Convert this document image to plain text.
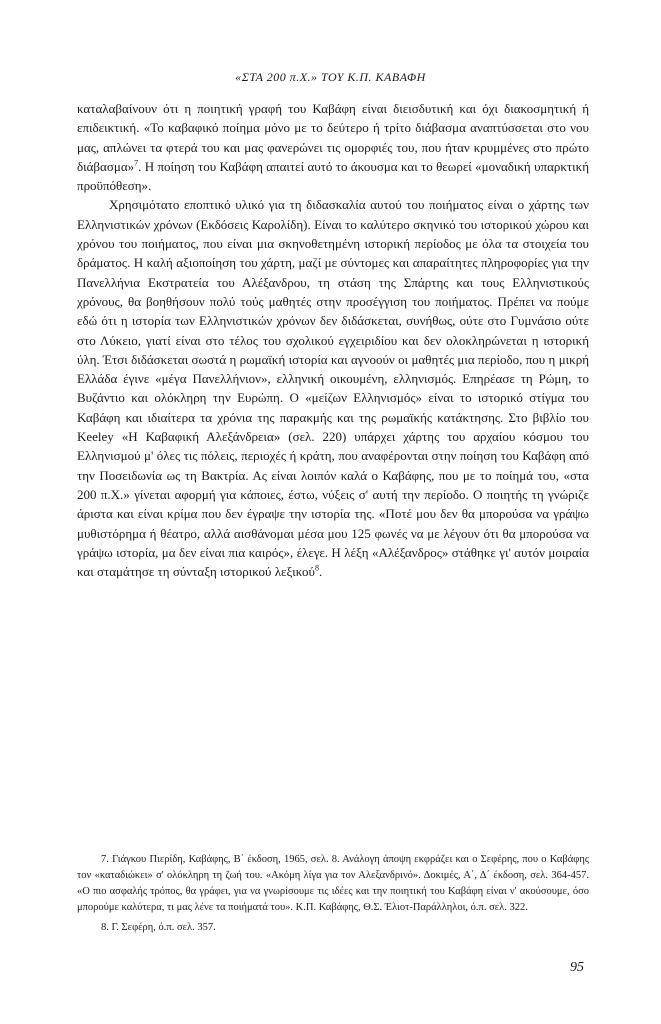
«ΣΤΑ 200 π.Χ.» ΤΟΥ Κ.Π. ΚΑΒΑΦΗ

καταλαβαίνουν ότι η ποιητική γραφή του Καβάφη είναι διεισδυτική και όχι διακοσμητική ή επιδεικτική. «Το καβαφικό ποίημα μόνο με το δεύτερο ή τρίτο διάβασμα αναπτύσσεται στο νου μας, απλώνει τα φτερά του και μας φανερώνει τις ομορφιές του, που ήταν κρυμμένες στο πρώτο διάβασμα»$^7$. Η ποίηση του Καβάφη απαιτεί αυτό το άκουσμα και το θεωρεί «μοναδική υπαρκτική προϋπόθεση».

Χρησιμότατο εποπτικό υλικό για τη διδασκαλία αυτού του ποιήματος είναι ο χάρτης των Ελληνιστικών χρόνων (Εκδόσεις Καρολίδη). Είναι το καλύτερο σκηνικό του ιστορικού χώρου και χρόνου του ποιήματος, που είναι μια σκηνοθετημένη ιστορική περίοδος με όλα τα στοιχεία του δράματος. Η καλή αξιοποίηση του χάρτη, μαζί με σύντομες και απαραίτητες πληροφορίες για την Πανελλήνια Εκστρατεία του Αλέξανδρου, τη στάση της Σπάρτης και τους Ελληνιστικούς χρόνους, θα βοηθήσουν πολύ τούς μαθητές στην προσέγγιση του ποιήματος. Πρέπει να πούμε εδώ ότι η ιστορία των Ελληνιστικών χρόνων δεν διδάσκεται, συνήθως, ούτε στο Γυμνάσιο ούτε στο Λύκειο, γιατί είναι στο τέλος του σχολικού εγχειριδίου και δεν ολοκληρώνεται η ιστορική ύλη. Έτσι διδάσκεται σωστά η ρωμαϊκή ιστορία και αγνοούν οι μαθητές μια περίοδο, που η μικρή Ελλάδα έγινε «μέγα Πανελλήνιον», ελληνική οικουμένη, ελληνισμός. Επηρέασε τη Ρώμη, το Βυζάντιο και ολόκληρη την Ευρώπη. Ο «μείζων Ελληνισμός» είναι το ιστορικό στίγμα του Καβάφη και ιδιαίτερα τα χρόνια της παρακμής και της ρωμαϊκής κατάκτησης. Στο βιβλίο του Keeley «Η Καβαφική Αλεξάνδρεια» (σελ. 220) υπάρχει χάρτης του αρχαίου κόσμου του Ελληνισμού μ' όλες τις πόλεις, περιοχές ή κράτη, που αναφέρονται στην ποίηση του Καβάφη από την Ποσειδωνία ως τη Βακτρία. Ας είναι λοιπόν καλά ο Καβάφης, που με το ποίημά του, «στα 200 π.Χ.» γίνεται αφορμή για κάποιες, έστω, νύξεις σ' αυτή την περίοδο. Ο ποιητής τη γνώριζε άριστα και είναι κρίμα που δεν έγραψε την ιστορία της. «Ποτέ μου δεν θα μπορούσα να γράψω μυθιστόρημα ή θέατρο, αλλά αισθάνομαι μέσα μου 125 φωνές να με λέγουν ότι θα μπορούσα να γράψω ιστορία, μα δεν είναι πια καιρός», έλεγε. Η λέξη «Αλέξανδρος» στάθηκε γι' αυτόν μοιραία και σταμάτησε τη σύνταξη ιστορικού λεξικού$^8$.

7. Γιάγκου Πιερίδη, Καβάφης, Β΄ έκδοση, 1965, σελ. 8. Ανάλογη άποψη εκφράζει και ο Σεφέρης, που ο Καβάφης τον «καταδιώκει» σ' ολόκληρη τη ζωή του. «Ακόμη λίγα για τον Αλεξανδρινό». Δοκιμές, Α΄, Δ΄ έκδοση, σελ. 364-457. «Ο πιο ασφαλής τρόπος, θα γράφει, για να γνωρίσουμε τις ιδέες και την ποιητική του Καβάφη είναι ν' ακούσουμε, όσο μπορούμε καλύτερα, τι μας λένε τα ποιήματά του». Κ.Π. Καβάφης, Θ.Σ. Έλιοτ-Παράλληλοι, ό.π. σελ. 322.

8. Γ. Σεφέρη, ό.π. σελ. 357.

95
